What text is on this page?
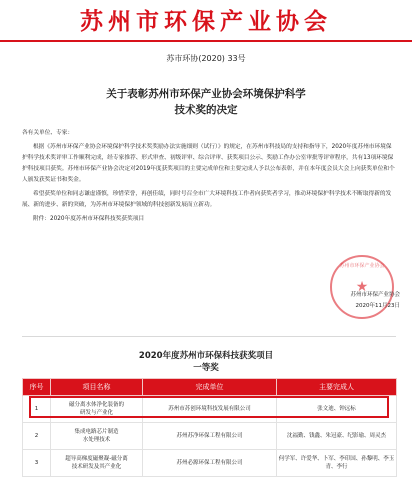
苏州市环保产业协会
苏市环协(2020) 33号
关于表彰苏州市环保产业协会环境保护科学
技术奖的决定

各有关单位、专家：

根据《苏州市环保产业协会环境保护科学技术奖奖励办法实施细则（试行）》的规定，在苏州市科技局的支持和指导下，2020年度苏州市环境保护科学技术奖评审工作顺利完成，经专家推荐、形式审查、初级评审、综合评审、获奖项目公示、奖励工作办公室审批等评审程序，共有13项环境保护科技项目获奖。苏州市环保产业协会决定对2019年度获奖项目的主要完成单位和主要完成人予以公布表彰，并在本年度会员大会上向获奖单位和个人颁发获奖证书和奖金。

希望获奖单位和同志谦虚谨慎，珍惜荣誉，再创佳绩，同时号召全市广大环境科技工作者向获奖者学习，推动环境保护科学技术不断取得新的发展、新的进步、新的突破，为苏州市环境保护领域的科技创新发展而立新功。

附件：2020年度苏州市环保科技奖获奖项目

苏州市环保产业协会
★
苏州市环保产业协会
2020年11月23日
2020年度苏州市环保科技获奖项目
一等奖
序号	项目名称	完成单位	主要完成人
1	磁分离水体净化装备的
研发与产业化	苏州市苏创环境科技发展有限公司	张文迪、钟远标
2	集成电路芯片制造
水处理技术	苏州苏净环保工程有限公司	沈福勤、钱鑫、朱冠豪、纪影瑜、周灵杰
3	超导高梯度磁聚凝-磁分离
技术研发及其产业化	苏州必源环保工程有限公司	何学军、许爱华、卜军、李印国、孙黎明、李玉青、李行
